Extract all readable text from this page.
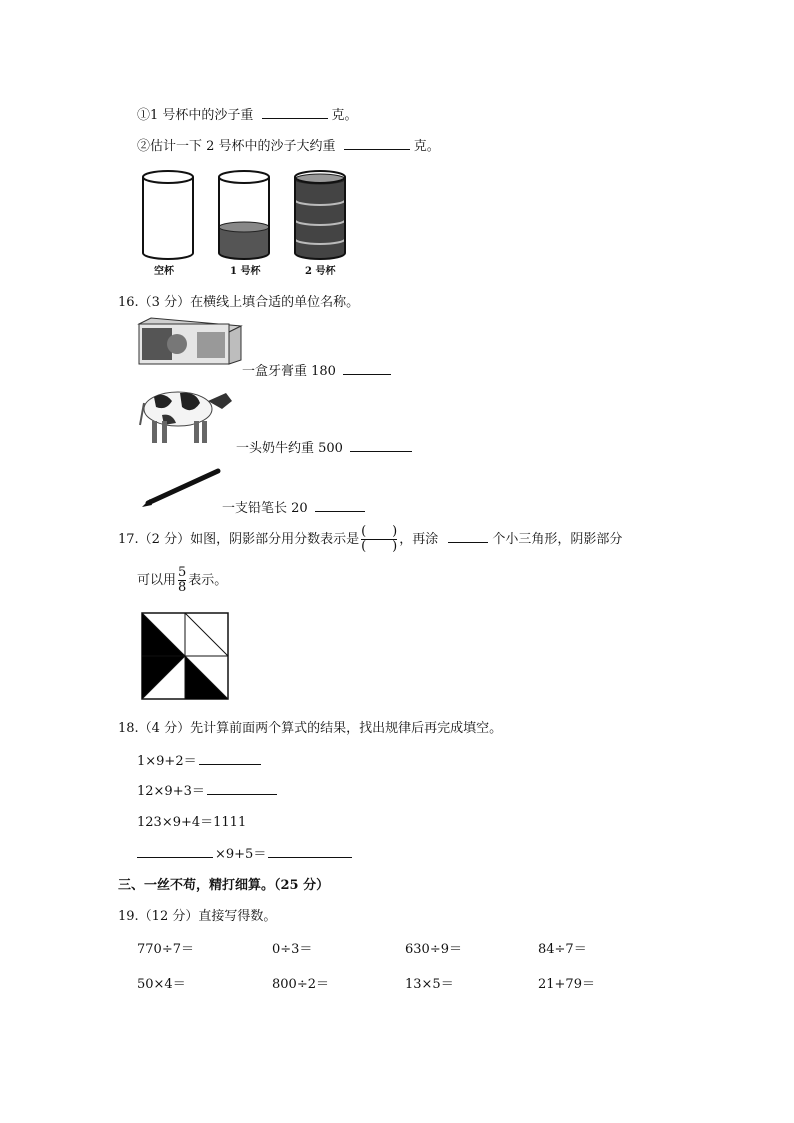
①1 号杯中的沙子重	克。
②估计一下 2 号杯中的沙子大约重	克。
空杯	1 号杯	2 号杯
16.（3 分）在横线上填合适的单位名称。
一盒牙膏重 180
一头奶牛约重 500
一支铅笔长 20
17.（2 分）如图，阴影部分用分数表示是 $\frac{( )}{( )}$ ，再涂	个小三角形，阴影部分
可以用 $\frac{5}{8}$ 表示。
18.（4 分）先计算前面两个算式的结果，找出规律后再完成填空。
1×9+2＝
12×9+3＝
123×9+4＝1111
×9+5＝
三、一丝不苟，精打细算。（25 分）
19.（12 分）直接写得数。
770÷7＝	0÷3＝	630÷9＝	84÷7＝
50×4＝	800÷2＝	13×5＝	21+79＝
